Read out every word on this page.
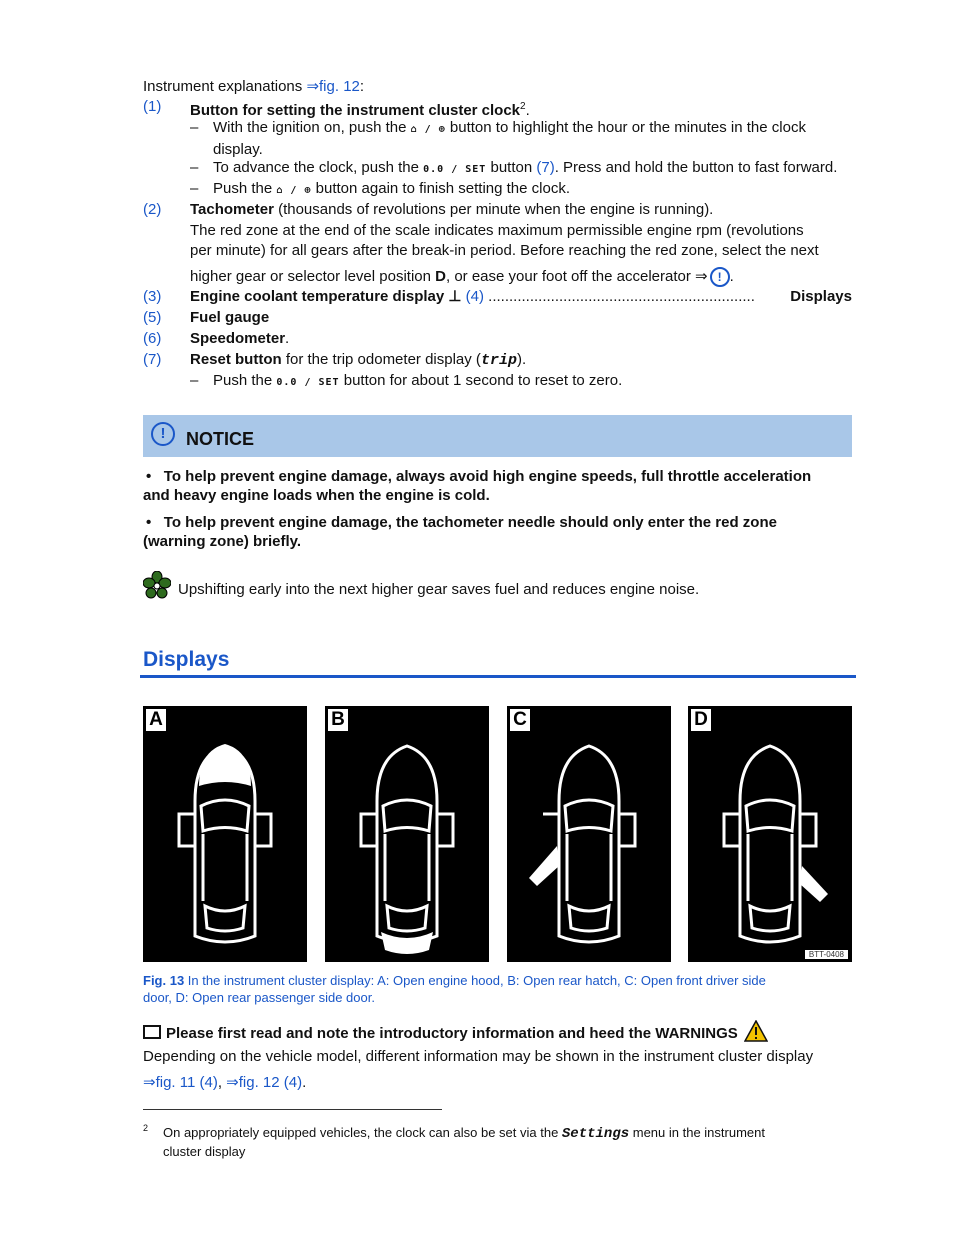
Instrument explanations ⇒fig. 12:
(1)	Button for setting the instrument cluster clock$^2$.
– With the ignition on, push the ⌂ / ⊕ button to highlight the hour or the minutes in the clock
display.
– To advance the clock, push the 0.0 / SET button (7). Press and hold the button to fast forward.
– Push the ⌂ / ⊕ button again to finish setting the clock.
(2)	Tachometer (thousands of revolutions per minute when the engine is running).
The red zone at the end of the scale indicates maximum permissible engine rpm (revolutions
per minute) for all gears after the break-in period. Before reaching the red zone, select the next
higher gear or selector level position D, or ease your foot off the accelerator ⇒ ! .
(3)	Engine coolant temperature display ⊥ (4) ................................................................ Displays
(5)	Fuel gauge
(6)	Speedometer.
(7)	Reset button for the trip odometer display (trip).
– Push the 0.0 / SET button for about 1 second to reset to zero.
!	NOTICE
• To help prevent engine damage, always avoid high engine speeds, full throttle acceleration
and heavy engine loads when the engine is cold.
• To help prevent engine damage, the tachometer needle should only enter the red zone
(warning zone) briefly.
Upshifting early into the next higher gear saves fuel and reduces engine noise.
Displays
A	B	C	D
BTT-0408
Fig. 13 In the instrument cluster display: A: Open engine hood, B: Open rear hatch, C: Open front driver side
door, D: Open rear passenger side door.
Please first read and note the introductory information and heed the WARNINGS
Depending on the vehicle model, different information may be shown in the instrument cluster display
⇒fig. 11 (4), ⇒fig. 12 (4).
2 On appropriately equipped vehicles, the clock can also be set via the Settings menu in the instrument
cluster display
